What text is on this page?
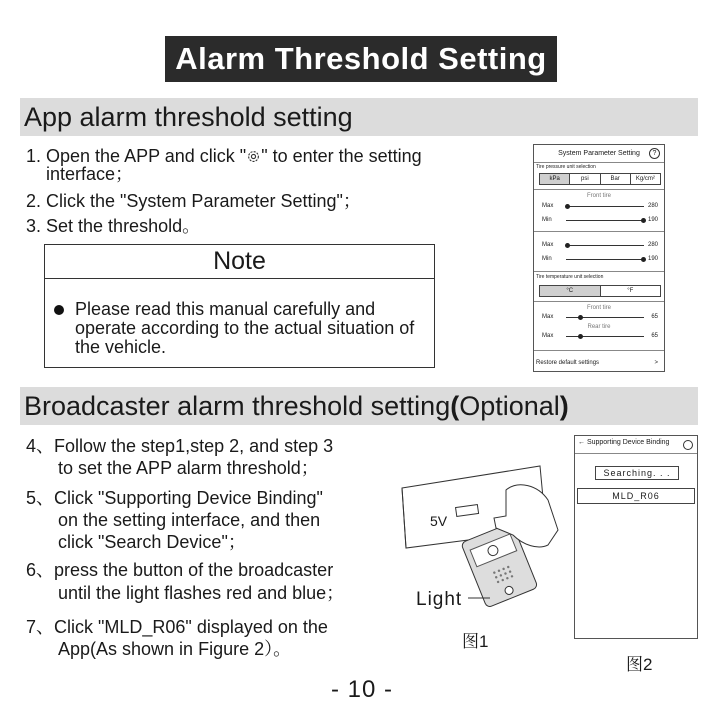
Alarm Threshold Setting
App alarm threshold setting
1. Open the APP and click " " to enter the setting
interface；
2. Click the "System Parameter Setting"；
3. Set the threshold。
Note
Please read this manual carefully and operate according to the actual situation of the vehicle.
System Parameter Setting	?
Tire pressure unit selection
kPa	psi	Bar	Kg/cm²
Front tire
Max	280
Min	190
Max	280
Min	190
Tire temperature unit selection
°C	°F
Front tire
Max	65
Rear tire
Max	65
Restore default settings	>
Broadcaster alarm threshold setting(Optional)
4、Follow the step1,step 2, and step 3
to set the APP alarm threshold；
5、Click "Supporting Device Binding"
on the setting interface, and then
click "Search Device"；
6、press the button of the broadcaster
until the light flashes red and blue；
7、Click "MLD_R06" displayed on the
App(As shown in Figure 2）。
5V
Light
图1
← Supporting Device Binding
Searching. . .
MLD_R06
图2
- 10 -
